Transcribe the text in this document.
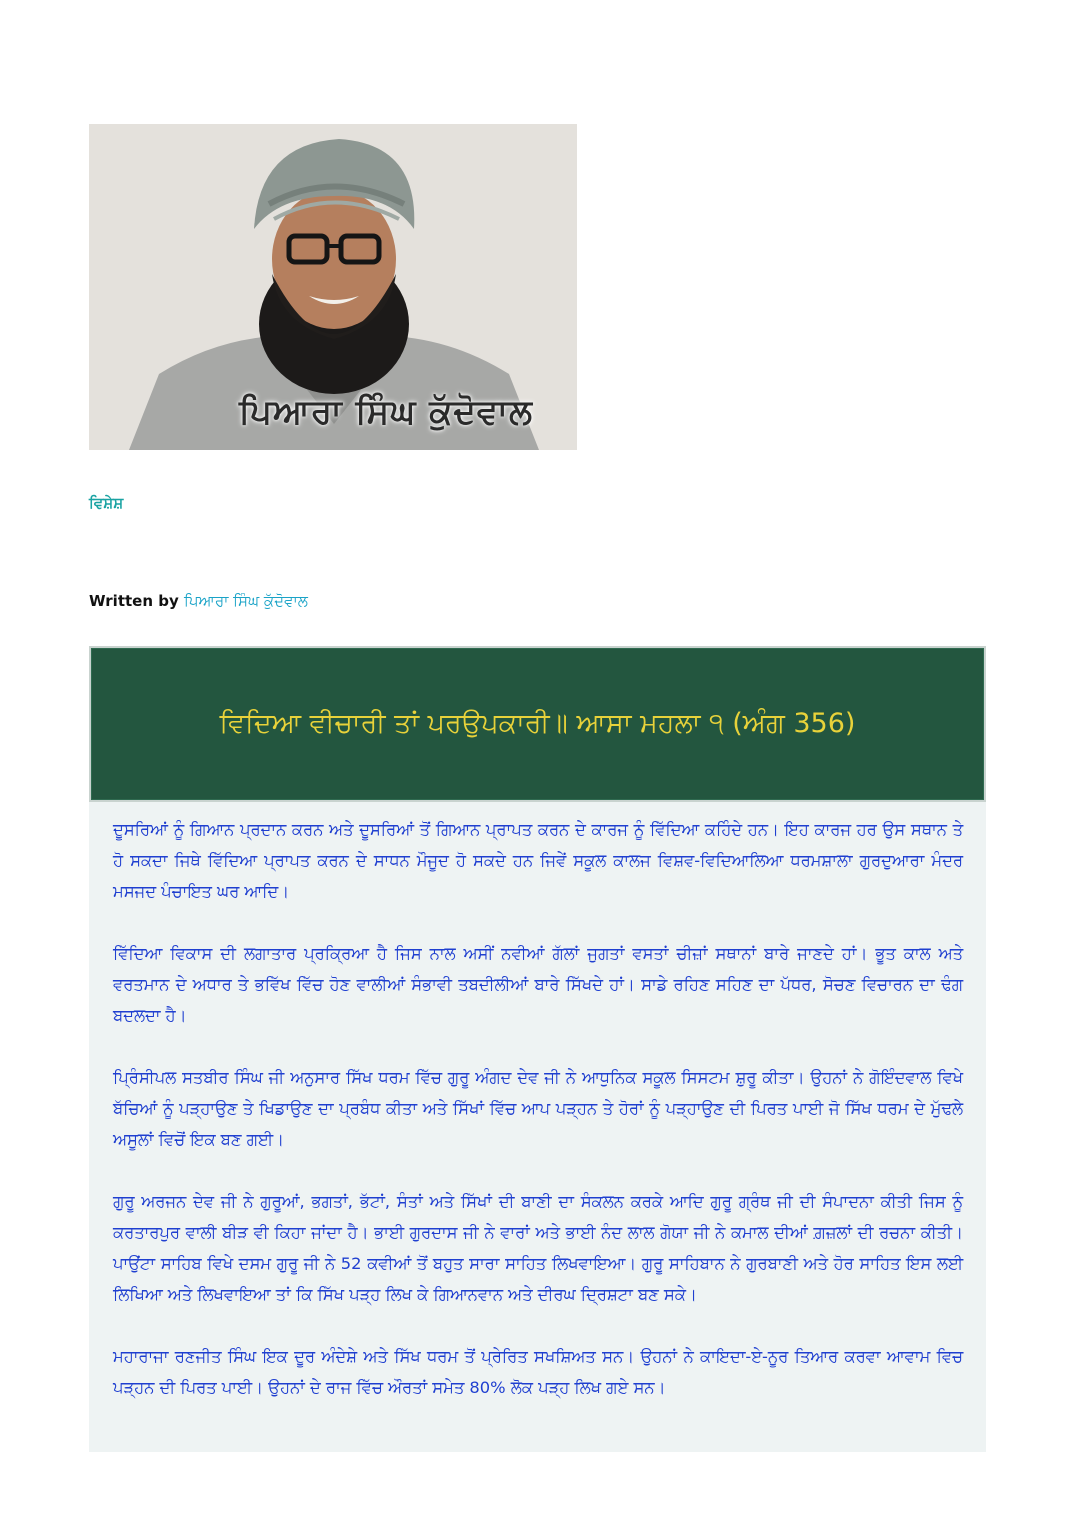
ਪਿਆਰਾ ਸਿੰਘ ਕੁੱਦੋਵਾਲ
ਵਿਸ਼ੇਸ਼
Written by ਪਿਆਰਾ ਸਿੰਘ ਕੁੱਦੋਵਾਲ
ਵਿਦਿਆ ਵੀਚਾਰੀ ਤਾਂ ਪਰਉਪਕਾਰੀ॥ ਆਸਾ ਮਹਲਾ ੧ (ਅੰਗ 356)

ਦੂਸਰਿਆਂ ਨੂੰ ਗਿਆਨ ਪ੍ਰਦਾਨ ਕਰਨ ਅਤੇ ਦੂਸਰਿਆਂ ਤੋਂ ਗਿਆਨ ਪ੍ਰਾਪਤ ਕਰਨ ਦੇ ਕਾਰਜ ਨੂੰ ਵਿੱਦਿਆ ਕਹਿੰਦੇ ਹਨ। ਇਹ ਕਾਰਜ ਹਰ ਉਸ ਸਥਾਨ ਤੇ ਹੋ ਸਕਦਾ ਜਿਥੇ ਵਿੱਦਿਆ ਪ੍ਰਾਪਤ ਕਰਨ ਦੇ ਸਾਧਨ ਮੌਜੂਦ ਹੋ ਸਕਦੇ ਹਨ ਜਿਵੇਂ ਸਕੂਲ ਕਾਲਜ ਵਿਸ਼ਵ-ਵਿਦਿਆਲਿਆ ਧਰਮਸ਼ਾਲਾ ਗੁਰਦੁਆਰਾ ਮੰਦਰ ਮਸਜਦ ਪੰਚਾਇਤ ਘਰ ਆਦਿ।

ਵਿੱਦਿਆ ਵਿਕਾਸ ਦੀ ਲਗਾਤਾਰ ਪ੍ਰਕ੍ਰਿਆ ਹੈ ਜਿਸ ਨਾਲ ਅਸੀਂ ਨਵੀਆਂ ਗੱਲਾਂ ਜੁਗਤਾਂ ਵਸਤਾਂ ਚੀਜ਼ਾਂ ਸਥਾਨਾਂ ਬਾਰੇ ਜਾਣਦੇ ਹਾਂ। ਭੂਤ ਕਾਲ ਅਤੇ ਵਰਤਮਾਨ ਦੇ ਅਧਾਰ ਤੇ ਭਵਿੱਖ ਵਿੱਚ ਹੋਣ ਵਾਲੀਆਂ ਸੰਭਾਵੀ ਤਬਦੀਲੀਆਂ ਬਾਰੇ ਸਿੱਖਦੇ ਹਾਂ। ਸਾਡੇ ਰਹਿਣ ਸਹਿਣ ਦਾ ਪੱਧਰ, ਸੋਚਣ ਵਿਚਾਰਨ ਦਾ ਢੰਗ ਬਦਲਦਾ ਹੈ।

ਪ੍ਰਿੰਸੀਪਲ ਸਤਬੀਰ ਸਿੰਘ ਜੀ ਅਨੁਸਾਰ ਸਿੱਖ ਧਰਮ ਵਿੱਚ ਗੁਰੂ ਅੰਗਦ ਦੇਵ ਜੀ ਨੇ ਆਧੁਨਿਕ ਸਕੂਲ ਸਿਸਟਮ ਸ਼ੁਰੂ ਕੀਤਾ। ਉਹਨਾਂ ਨੇ ਗੋਇੰਦਵਾਲ ਵਿਖੇ ਬੱਚਿਆਂ ਨੂੰ ਪੜ੍ਹਾਉਣ ਤੇ ਖਿਡਾਉਣ ਦਾ ਪ੍ਰਬੰਧ ਕੀਤਾ ਅਤੇ ਸਿੱਖਾਂ ਵਿੱਚ ਆਪ ਪੜ੍ਹਨ ਤੇ ਹੋਰਾਂ ਨੂੰ ਪੜ੍ਹਾਉਣ ਦੀ ਪਿਰਤ ਪਾਈ ਜੋ ਸਿੱਖ ਧਰਮ ਦੇ ਮੁੱਢਲੇ ਅਸੂਲਾਂ ਵਿਚੋਂ ਇਕ ਬਣ ਗਈ।

ਗੁਰੂ ਅਰਜਨ ਦੇਵ ਜੀ ਨੇ ਗੁਰੂਆਂ, ਭਗਤਾਂ, ਭੱਟਾਂ, ਸੰਤਾਂ ਅਤੇ ਸਿੱਖਾਂ ਦੀ ਬਾਣੀ ਦਾ ਸੰਕਲਨ ਕਰਕੇ ਆਦਿ ਗੁਰੂ ਗ੍ਰੰਥ ਜੀ ਦੀ ਸੰਪਾਦਨਾ ਕੀਤੀ ਜਿਸ ਨੂੰ ਕਰਤਾਰਪੁਰ ਵਾਲੀ ਬੀੜ ਵੀ ਕਿਹਾ ਜਾਂਦਾ ਹੈ। ਭਾਈ ਗੁਰਦਾਸ ਜੀ ਨੇ ਵਾਰਾਂ ਅਤੇ ਭਾਈ ਨੰਦ ਲਾਲ ਗੋਯਾ ਜੀ ਨੇ ਕਮਾਲ ਦੀਆਂ ਗ਼ਜ਼ਲਾਂ ਦੀ ਰਚਨਾ ਕੀਤੀ। ਪਾਉਂਟਾ ਸਾਹਿਬ ਵਿਖੇ ਦਸਮ ਗੁਰੂ ਜੀ ਨੇ 52 ਕਵੀਆਂ ਤੋਂ ਬਹੁਤ ਸਾਰਾ ਸਾਹਿਤ ਲਿਖਵਾਇਆ। ਗੁਰੂ ਸਾਹਿਬਾਨ ਨੇ ਗੁਰਬਾਣੀ ਅਤੇ ਹੋਰ ਸਾਹਿਤ ਇਸ ਲਈ ਲਿਖਿਆ ਅਤੇ ਲਿਖਵਾਇਆ ਤਾਂ ਕਿ ਸਿੱਖ ਪੜ੍ਹ ਲਿਖ ਕੇ ਗਿਆਨਵਾਨ ਅਤੇ ਦੀਰਘ ਦ੍ਰਿਸ਼ਟਾ ਬਣ ਸਕੇ।

ਮਹਾਰਾਜਾ ਰਣਜੀਤ ਸਿੰਘ ਇਕ ਦੂਰ ਅੰਦੇਸ਼ੇ ਅਤੇ ਸਿੱਖ ਧਰਮ ਤੋਂ ਪ੍ਰੇਰਿਤ ਸਖਸ਼ਿਅਤ ਸਨ। ਉਹਨਾਂ ਨੇ ਕਾਇਦਾ-ਏ-ਨੂਰ ਤਿਆਰ ਕਰਵਾ ਆਵਾਮ ਵਿਚ ਪੜ੍ਹਨ ਦੀ ਪਿਰਤ ਪਾਈ। ਉਹਨਾਂ ਦੇ ਰਾਜ ਵਿੱਚ ਔਰਤਾਂ ਸਮੇਤ 80% ਲੋਕ ਪੜ੍ਹ ਲਿਖ ਗਏ ਸਨ।
